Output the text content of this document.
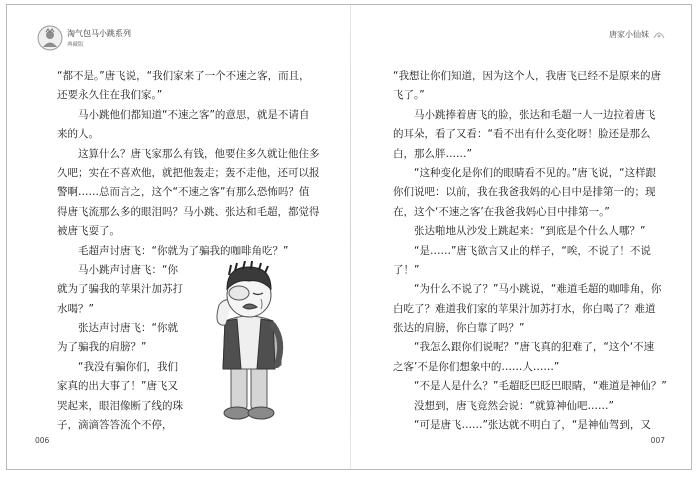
淘气包马小跳系列
典藏版
“都不是。”唐飞说，“我们家来了一个不速之客，而且，
还要永久住在我们家。”
　　马小跳他们都知道“不速之客”的意思，就是不请自
来的人。
　　这算什么？唐飞家那么有钱，他要住多久就让他住多
久吧；实在不喜欢他，就把他轰走；轰不走他，还可以报
警啊……总而言之，这个“不速之客”有那么恐怖吗？值
得唐飞流那么多的眼泪吗？马小跳、张达和毛超，都觉得
被唐飞耍了。
　　毛超声讨唐飞：“你就为了骗我的咖啡角吃？”
　　马小跳声讨唐飞：“你
就为了骗我的苹果汁加苏打
水喝？”
　　张达声讨唐飞：“你就
为了骗我的肩膀？”
　　“我没有骗你们，我们
家真的出大事了！”唐飞又
哭起来，眼泪像断了线的珠
子，滴滴答答流个不停，
006
唐家小仙妹
“我想让你们知道，因为这个人，我唐飞已经不是原来的唐
飞了。”
　　马小跳捧着唐飞的脸，张达和毛超一人一边拉着唐飞
的耳朵，看了又看：“看不出有什么变化呀！脸还是那么
白，那么胖……”
　　“这种变化是你们的眼睛看不见的。”唐飞说，“这样跟
你们说吧：以前，我在我爸我妈的心目中是排第一的；现
在，这个‘不速之客’在我爸我妈心目中排第一。”
　　张达啪地从沙发上跳起来：“到底是个什么人哪？”
　　“是……”唐飞欲言又止的样子，“唉，不说了！不说
了！”
　　“为什么不说了？”马小跳说，“难道毛超的咖啡角，你
白吃了？难道我们家的苹果汁加苏打水，你白喝了？难道
张达的肩膀，你白靠了吗？”
　　“我怎么跟你们说呢？”唐飞真的犯难了，“这个‘不速
之客’不是你们想象中的……人……”
　　“不是人是什么？”毛超眨巴眨巴眼睛，“难道是神仙？”
　　没想到，唐飞竟然会说：“就算神仙吧……”
　　“可是唐飞……”张达就不明白了，“是神仙驾到，又
007
